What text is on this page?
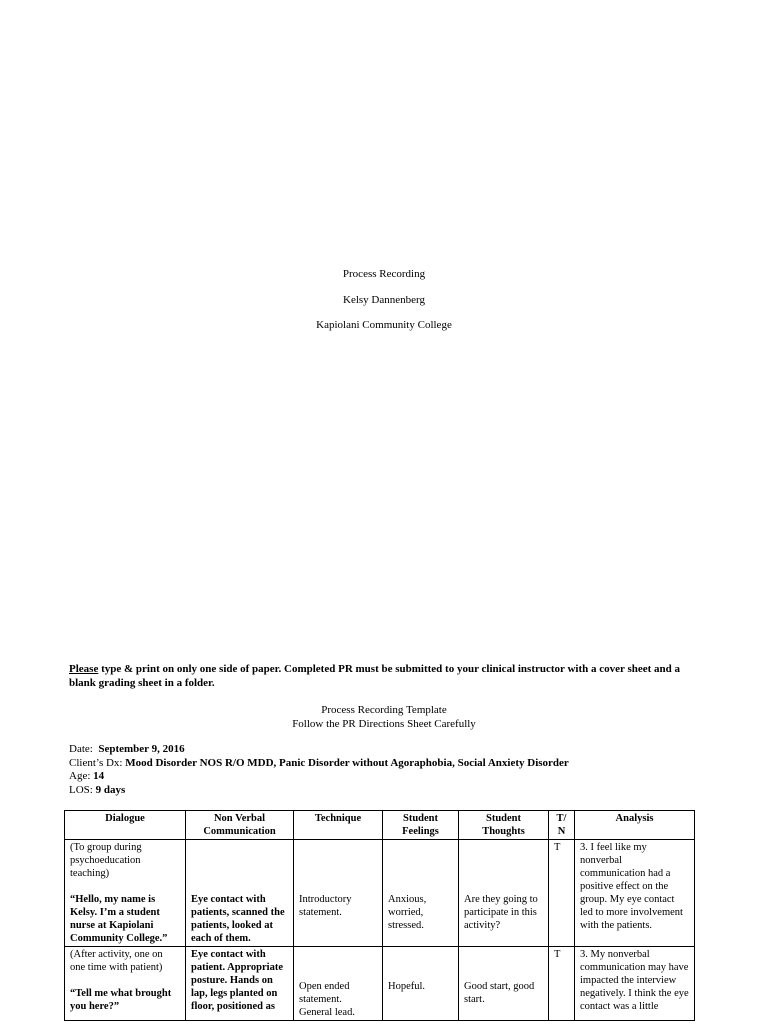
Process Recording
Kelsy Dannenberg
Kapiolani Community College
Please type & print on only one side of paper. Completed PR must be submitted to your clinical instructor with a cover sheet and a blank grading sheet in a folder.
Process Recording Template
Follow the PR Directions Sheet Carefully
Date: September 9, 2016
Client’s Dx: Mood Disorder NOS R/O MDD, Panic Disorder without Agoraphobia, Social Anxiety Disorder
Age: 14
LOS: 9 days
Dialogue	Non Verbal Communication	Technique	Student Feelings	Student Thoughts	T/ N	Analysis

(To group during psychoeducation teaching)
“Hello, my name is Kelsy. I’m a student nurse at Kapiolani Community College.”	Eye contact with patients, scanned the patients, looked at each of them.	Introductory statement.	Anxious, worried, stressed.	Are they going to participate in this activity?	T	3. I feel like my nonverbal communication had a positive effect on the group. My eye contact led to more involvement with the patients.

(After activity, one on one time with patient)
“Tell me what brought you here?”	Eye contact with patient. Appropriate posture. Hands on lap, legs planted on floor, positioned as	Open ended statement. General lead.	Hopeful.	Good start, good start.	T	3. My nonverbal communication may have impacted the interview negatively. I think the eye contact was a little
